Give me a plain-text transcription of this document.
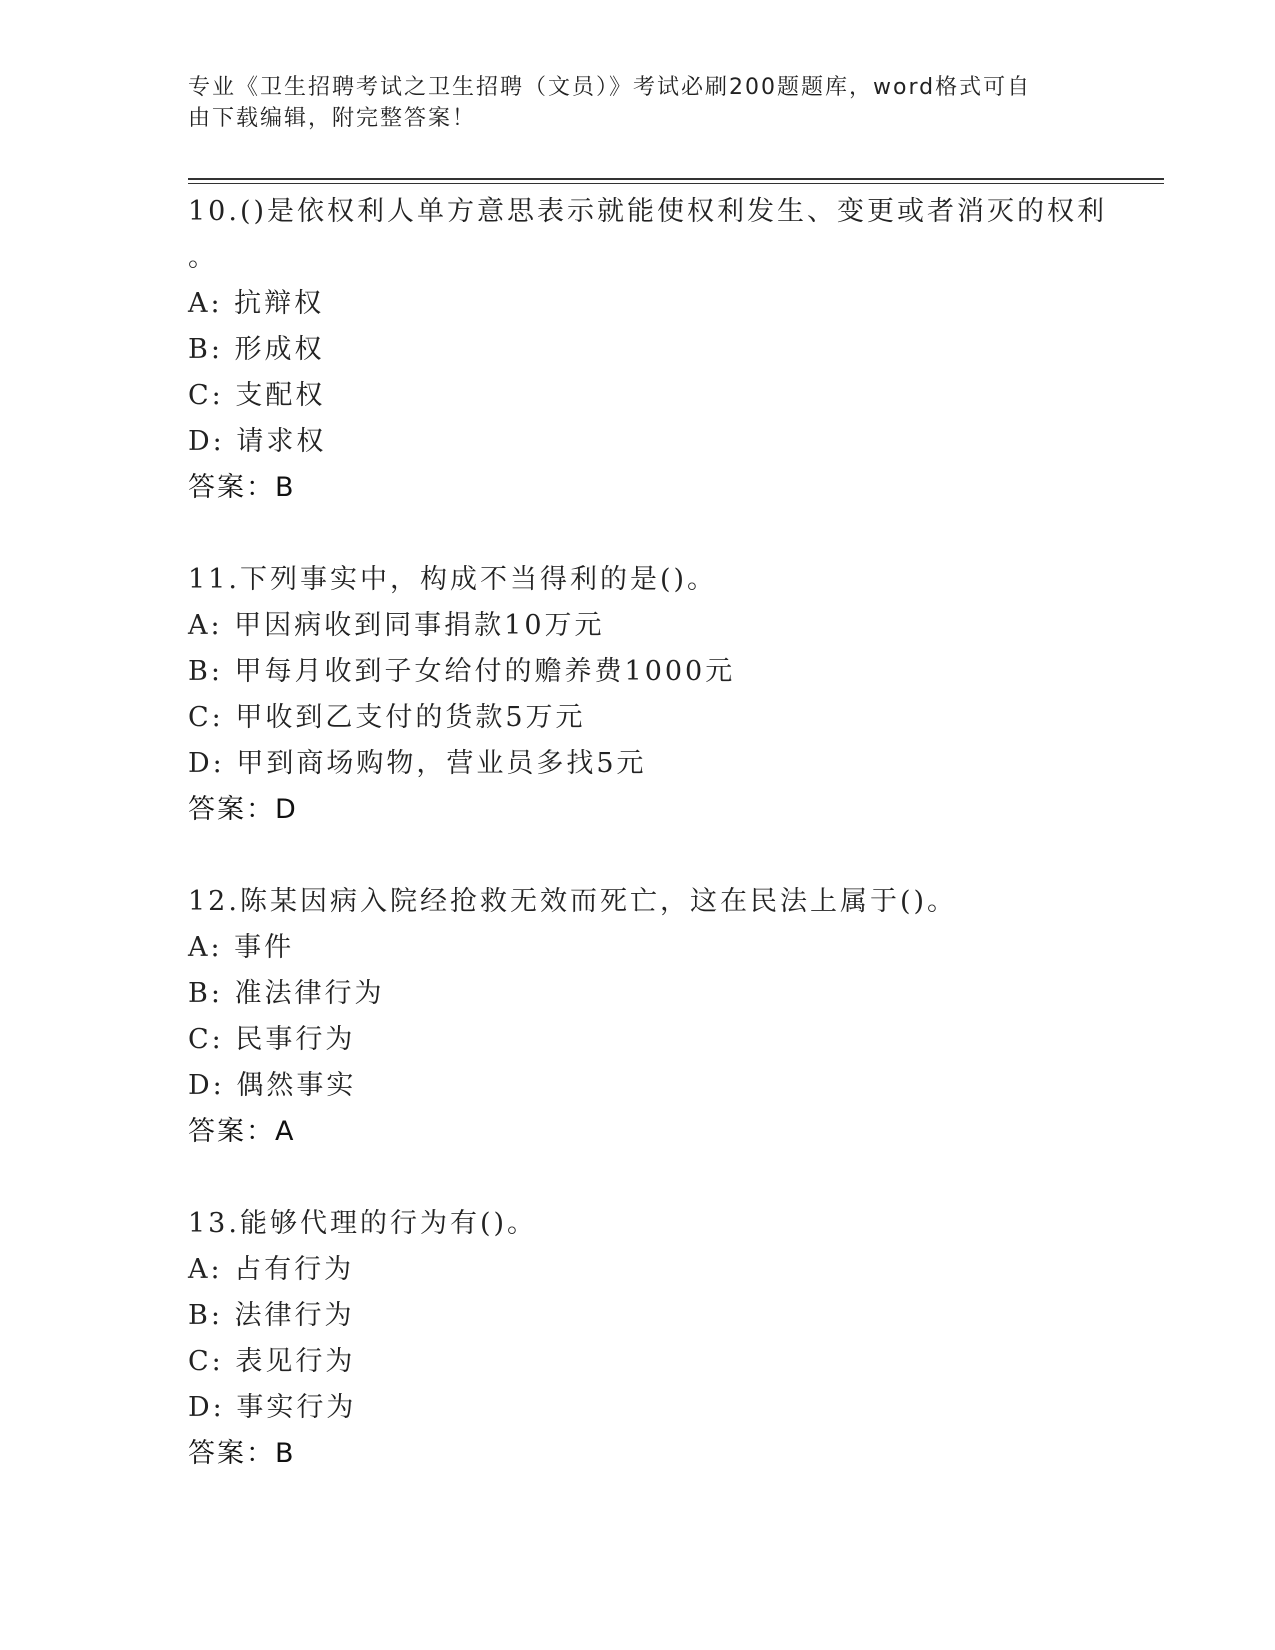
专业《卫生招聘考试之卫生招聘（文员）》考试必刷200题题库，word格式可自
由下载编辑，附完整答案！
10.()是依权利人单方意思表示就能使权利发生、变更或者消灭的权利
。
A: 抗辩权
B: 形成权
C: 支配权
D: 请求权
答案：B
11.下列事实中，构成不当得利的是()。
A: 甲因病收到同事捐款10万元
B: 甲每月收到子女给付的赡养费1000元
C: 甲收到乙支付的货款5万元
D: 甲到商场购物，营业员多找5元
答案：D
12.陈某因病入院经抢救无效而死亡，这在民法上属于()。
A: 事件
B: 准法律行为
C: 民事行为
D: 偶然事实
答案：A
13.能够代理的行为有()。
A: 占有行为
B: 法律行为
C: 表见行为
D: 事实行为
答案：B
